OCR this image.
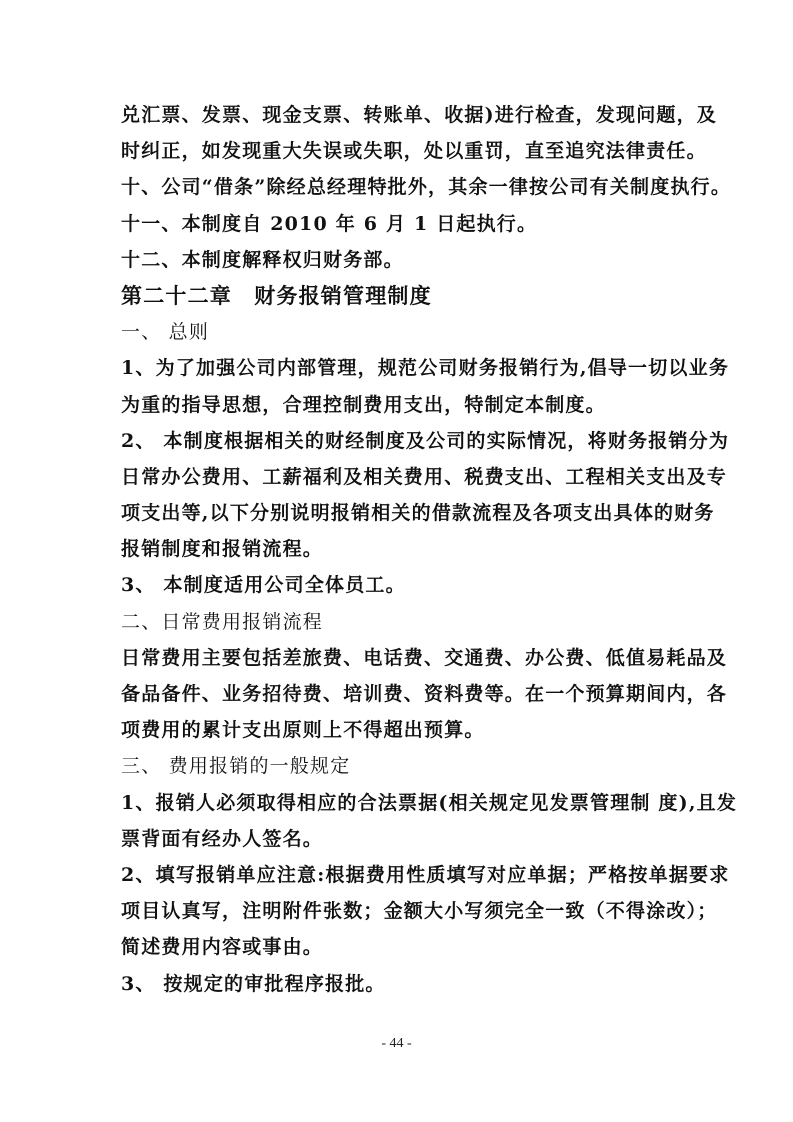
兑汇票、发票、现金支票、转账单、收据)进行检查，发现问题，及
时纠正，如发现重大失误或失职，处以重罚，直至追究法律责任。
十、公司“借条”除经总经理特批外，其余一律按公司有关制度执行。
十一、本制度自 2010 年 6 月 1 日起执行。
十二、本制度解释权归财务部。
第二十二章　财务报销管理制度
一、 总则
1、为了加强公司内部管理，规范公司财务报销行为,倡导一切以业务
为重的指导思想，合理控制费用支出，特制定本制度。
2、 本制度根据相关的财经制度及公司的实际情况，将财务报销分为
日常办公费用、工薪福利及相关费用、税费支出、工程相关支出及专
项支出等,以下分别说明报销相关的借款流程及各项支出具体的财务
报销制度和报销流程。
3、 本制度适用公司全体员工。
二、日常费用报销流程
日常费用主要包括差旅费、电话费、交通费、办公费、低值易耗品及
备品备件、业务招待费、培训费、资料费等。在一个预算期间内，各
项费用的累计支出原则上不得超出预算。
三、 费用报销的一般规定
1、报销人必须取得相应的合法票据(相关规定见发票管理制 度),且发
票背面有经办人签名。
2、填写报销单应注意:根据费用性质填写对应单据；严格按单据要求
项目认真写，注明附件张数；金额大小写须完全一致（不得涂改）；
简述费用内容或事由。
3、 按规定的审批程序报批。
- 44 -
